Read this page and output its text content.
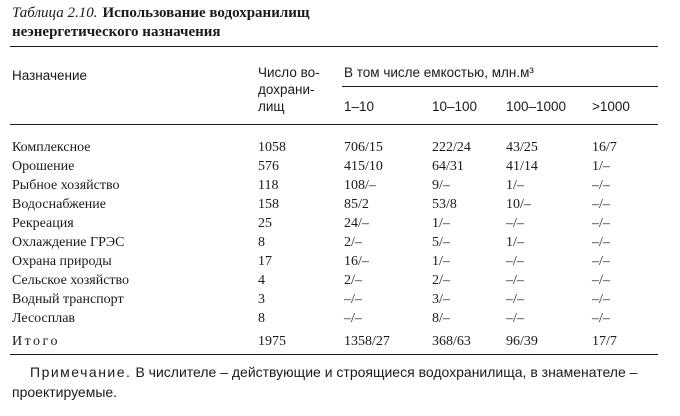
Таблица 2.10. Использование водохранилищ
неэнергетического назначения
Назначение	Число во-
дохрани-
лищ
В том числе емкостью, млн.м³
1–10	10–100 100–1000 >1000
Комплексное	1058	706/15	222/24	43/25	16/7
Орошение	576	415/10	64/31	41/14	1/–
Рыбное хозяйство	118	108/–	9/–	1/–	–/–
Водоснабжение	158	85/2	53/8	10/–	–/–
Рекреация	25	24/–	1/–	–/–	–/–
Охлаждение ГРЭС	8	2/–	5/–	1/–	–/–
Охрана природы	17	16/–	1/–	–/–	–/–
Сельское хозяйство	4	2/–	2/–	–/–	–/–
Водный транспорт	3	–/–	3/–	–/–	–/–
Лесосплав	8	–/–	8/–	–/–	–/–
Итого	1975	1358/27	368/63	96/39	17/7
Примечание. В числителе – действующие и строящиеся водохранилища, в знаменателе – проектируемые.
